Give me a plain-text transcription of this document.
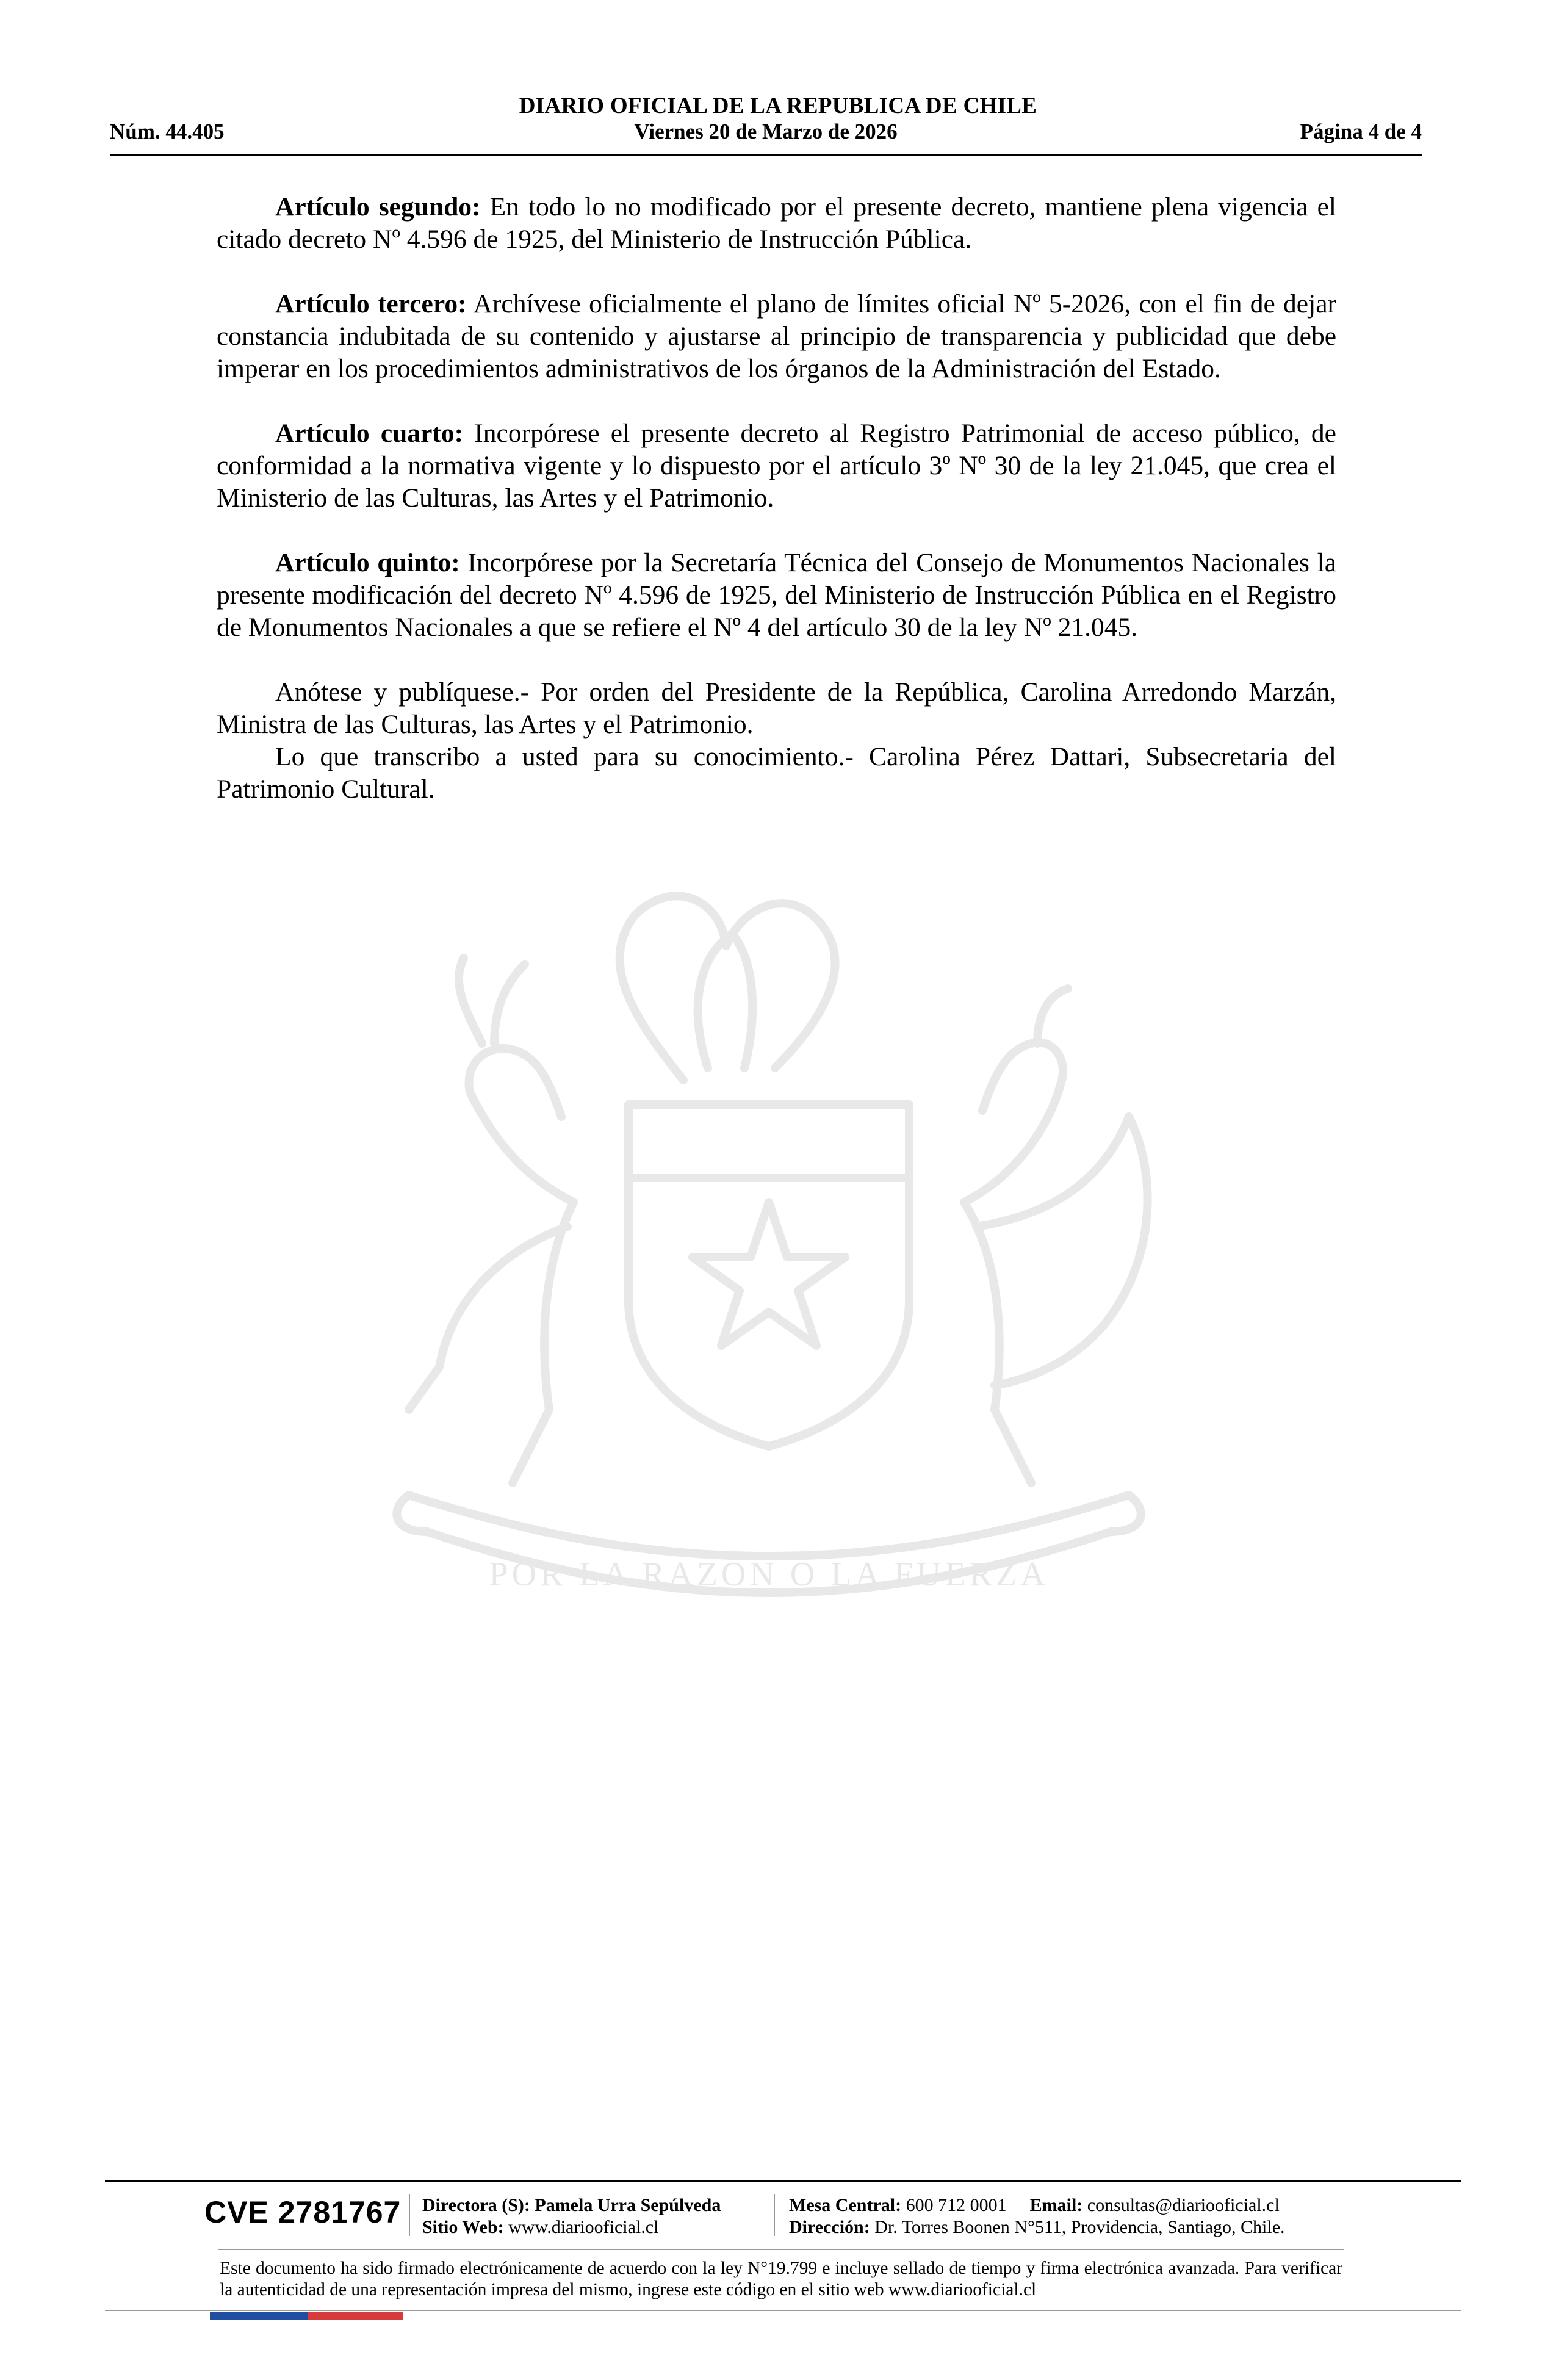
DIARIO OFICIAL DE LA REPUBLICA DE CHILE
Núm. 44.405	Viernes 20 de Marzo de 2026	Página 4 de 4
POR LA RAZON O LA FUERZA

Artículo segundo: En todo lo no modificado por el presente decreto, mantiene plena vigencia el citado decreto Nº 4.596 de 1925, del Ministerio de Instrucción Pública.

Artículo tercero: Archívese oficialmente el plano de límites oficial Nº 5-2026, con el fin de dejar constancia indubitada de su contenido y ajustarse al principio de transparencia y publicidad que debe imperar en los procedimientos administrativos de los órganos de la Administración del Estado.

Artículo cuarto: Incorpórese el presente decreto al Registro Patrimonial de acceso público, de conformidad a la normativa vigente y lo dispuesto por el artículo 3º Nº 30 de la ley 21.045, que crea el Ministerio de las Culturas, las Artes y el Patrimonio.

Artículo quinto: Incorpórese por la Secretaría Técnica del Consejo de Monumentos Nacionales la presente modificación del decreto Nº 4.596 de 1925, del Ministerio de Instrucción Pública en el Registro de Monumentos Nacionales a que se refiere el Nº 4 del artículo 30 de la ley Nº 21.045.

Anótese y publíquese.- Por orden del Presidente de la República, Carolina Arredondo Marzán, Ministra de las Culturas, las Artes y el Patrimonio.

Lo que transcribo a usted para su conocimiento.- Carolina Pérez Dattari, Subsecretaria del Patrimonio Cultural.

CVE 2781767 Directora (S): Pamela Urra Sepúlveda
Sitio Web: www.diariooficial.cl
Mesa Central: 600 712 0001 Email: consultas@diariooficial.cl
Dirección: Dr. Torres Boonen N°511, Providencia, Santiago, Chile.
Este documento ha sido firmado electrónicamente de acuerdo con la ley N°19.799 e incluye sellado de tiempo y firma electrónica avanzada. Para verificar la autenticidad de una representación impresa del mismo, ingrese este código en el sitio web www.diariooficial.cl
